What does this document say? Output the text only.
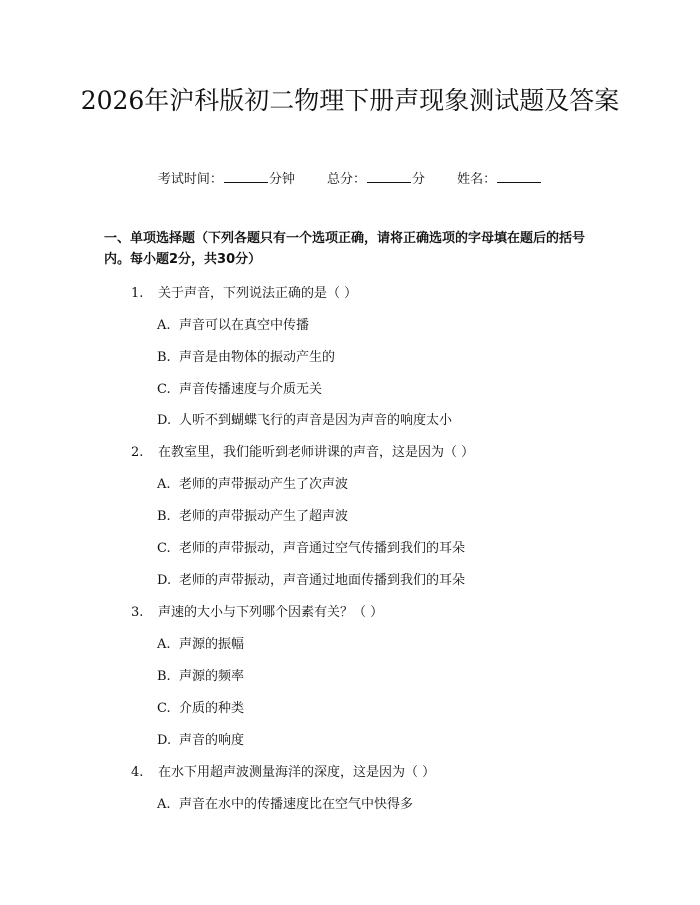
2026年沪科版初二物理下册声现象测试题及答案
考试时间：	分钟 总分：	分 姓名：
一、单项选择题（下列各题只有一个选项正确，请将正确选项的字母填在题后的括号内。每小题2分，共30分）
1. 关于声音，下列说法正确的是（ ）
A. 声音可以在真空中传播
B. 声音是由物体的振动产生的
C. 声音传播速度与介质无关
D. 人听不到蝴蝶飞行的声音是因为声音的响度太小
2. 在教室里，我们能听到老师讲课的声音，这是因为（ ）
A. 老师的声带振动产生了次声波
B. 老师的声带振动产生了超声波
C. 老师的声带振动，声音通过空气传播到我们的耳朵
D. 老师的声带振动，声音通过地面传播到我们的耳朵
3. 声速的大小与下列哪个因素有关？（ ）
A. 声源的振幅
B. 声源的频率
C. 介质的种类
D. 声音的响度
4. 在水下用超声波测量海洋的深度，这是因为（ ）
A. 声音在水中的传播速度比在空气中快得多
